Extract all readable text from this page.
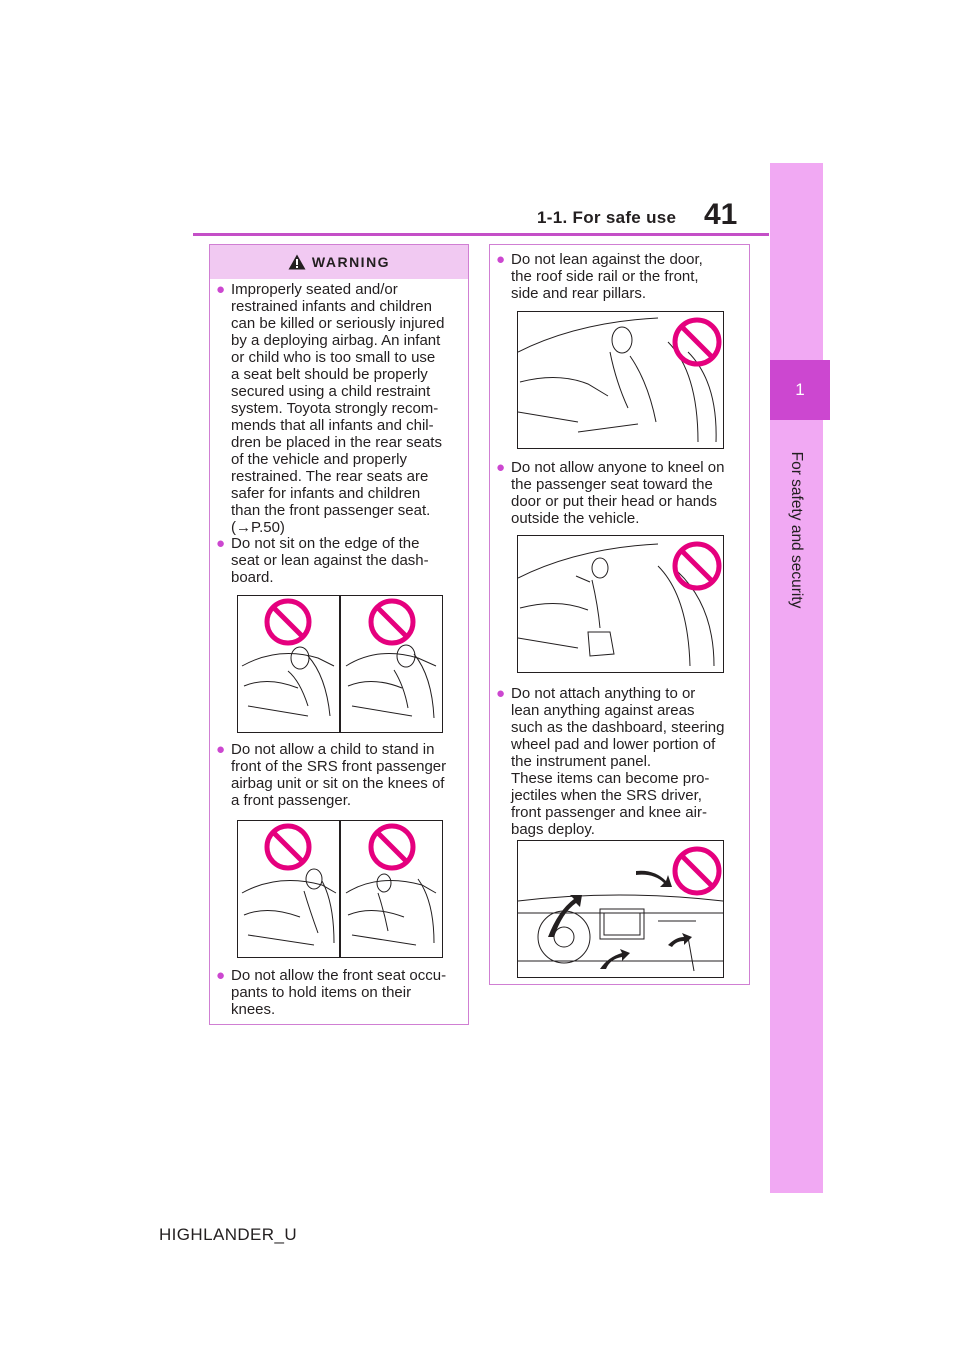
1
For safety and security
1-1. For safe use 41
WARNING
● Improperly seated and/or
restrained infants and children
can be killed or seriously injured
by a deploying airbag. An infant
or child who is too small to use
a seat belt should be properly
secured using a child restraint
system. Toyota strongly recom-
mends that all infants and chil-
dren be placed in the rear seats
of the vehicle and properly
restrained. The rear seats are
safer for infants and children
than the front passenger seat.
(→P.50)
● Do not sit on the edge of the
seat or lean against the dash-
board.
● Do not allow a child to stand in
front of the SRS front passenger
airbag unit or sit on the knees of
a front passenger.
● Do not allow the front seat occu-
pants to hold items on their
knees.
● Do not lean against the door,
the roof side rail or the front,
side and rear pillars.
● Do not allow anyone to kneel on
the passenger seat toward the
door or put their head or hands
outside the vehicle.
● Do not attach anything to or
lean anything against areas
such as the dashboard, steering
wheel pad and lower portion of
the instrument panel.
These items can become pro-
jectiles when the SRS driver,
front passenger and knee air-
bags deploy.
HIGHLANDER_U
